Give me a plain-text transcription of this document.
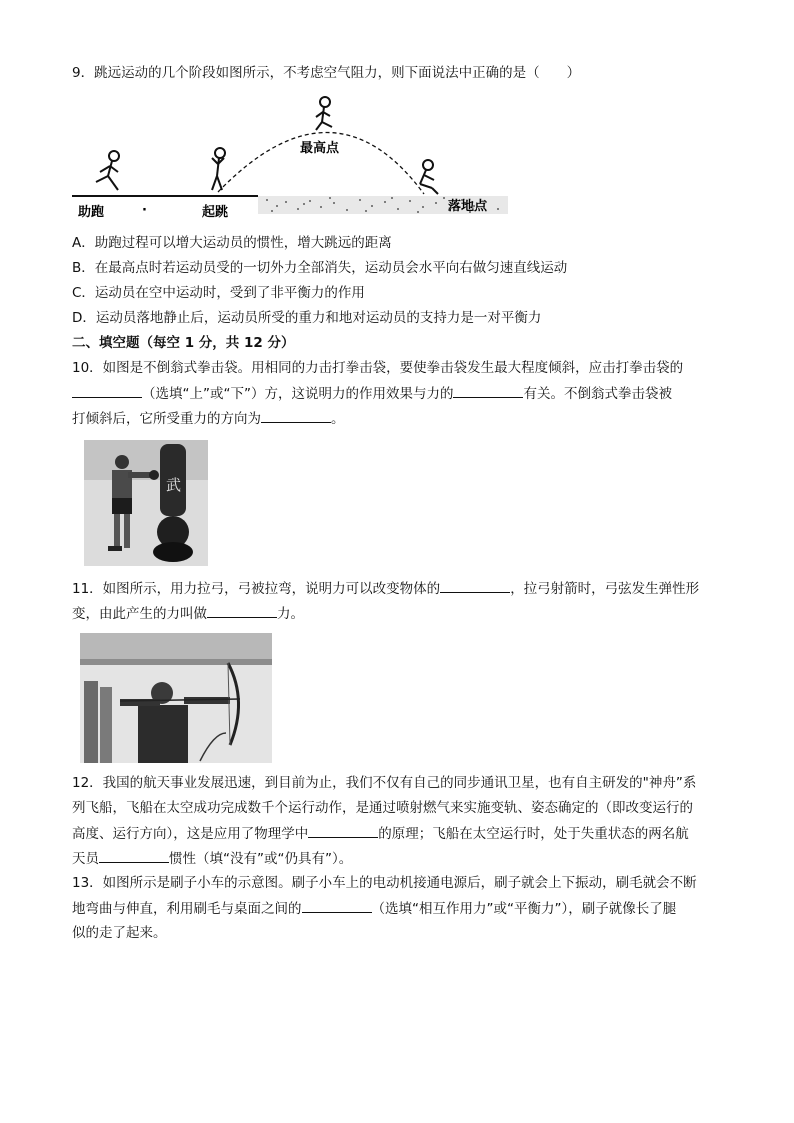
9．跳远运动的几个阶段如图所示，不考虑空气阻力，则下面说法中正确的是（　　）
助跑	·	起跳
最高点
落地点
A．助跑过程可以增大运动员的惯性，增大跳远的距离
B．在最高点时若运动员受的一切外力全部消失，运动员会水平向右做匀速直线运动
C．运动员在空中运动时，受到了非平衡力的作用
D．运动员落地静止后，运动员所受的重力和地对运动员的支持力是一对平衡力
二、填空题（每空 1 分，共 12 分）
10．如图是不倒翁式拳击袋。用相同的力击打拳击袋，要使拳击袋发生最大程度倾斜，应击打拳击袋的
（选填“上”或“下”）方，这说明力的作用效果与力的	有关。不倒翁式拳击袋被
打倾斜后，它所受重力的方向为	。
武
11．如图所示，用力拉弓，弓被拉弯，说明力可以改变物体的	，拉弓射箭时，弓弦发生弹性形
变，由此产生的力叫做	力。
12．我国的航天事业发展迅速，到目前为止，我们不仅有自己的同步通讯卫星，也有自主研发的"神舟”系
列飞船，飞船在太空成功完成数千个运行动作，是通过喷射燃气来实施变轨、姿态确定的（即改变运行的
高度、运行方向），这是应用了物理学中	的原理；飞船在太空运行时，处于失重状态的两名航
天员	惯性（填“没有”或“仍具有”）。
13．如图所示是刷子小车的示意图。刷子小车上的电动机接通电源后，刷子就会上下振动，刷毛就会不断
地弯曲与伸直，利用刷毛与桌面之间的	（选填“相互作用力”或“平衡力”），刷子就像长了腿
似的走了起来。
